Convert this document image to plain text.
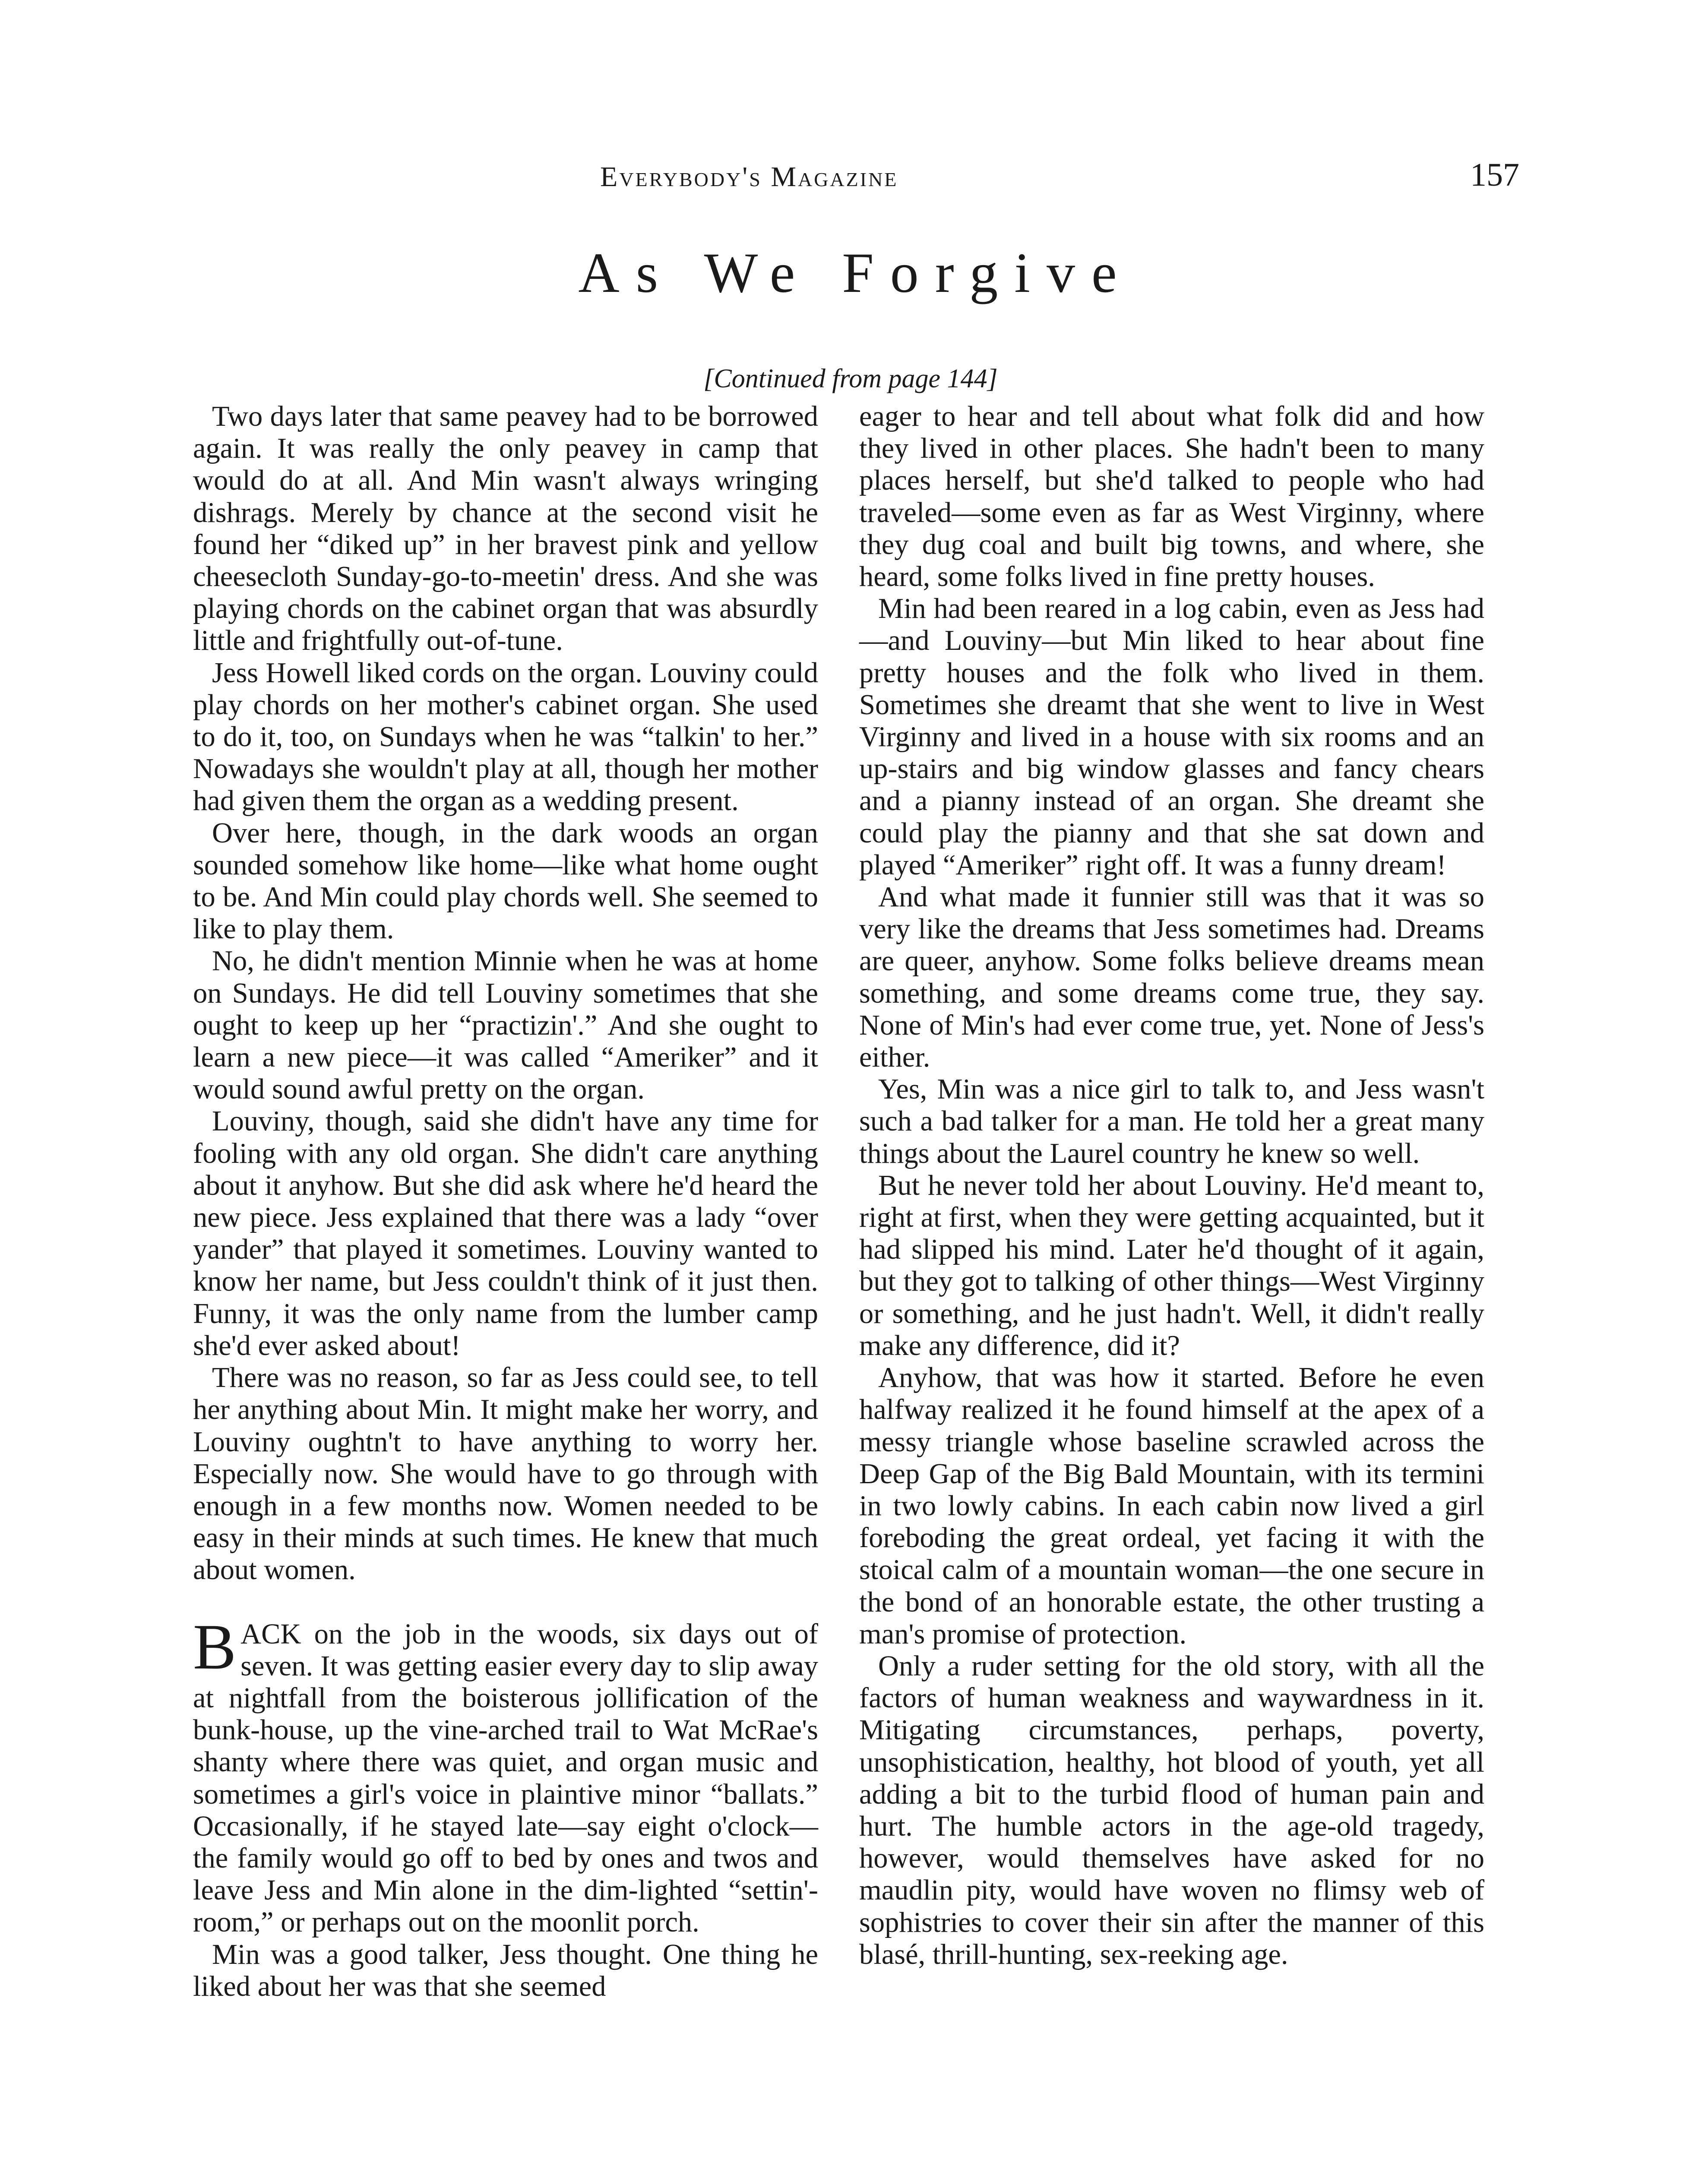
Everybody's Magazine	157
As We Forgive
[Continued from page 144]

Two days later that same peavey had to be borrowed again. It was really the only peavey in camp that would do at all. And Min wasn't always wringing dishrags. Merely by chance at the second visit he found her “diked up” in her bravest pink and yellow cheesecloth Sunday-go-to-meetin' dress. And she was playing chords on the cabinet organ that was absurdly little and frightfully out-of-tune.

Jess Howell liked cords on the organ. Louviny could play chords on her mother's cabinet organ. She used to do it, too, on Sundays when he was “talkin' to her.” Nowadays she wouldn't play at all, though her mother had given them the organ as a wedding present.

Over here, though, in the dark woods an organ sounded somehow like home—like what home ought to be. And Min could play chords well. She seemed to like to play them.

No, he didn't mention Minnie when he was at home on Sundays. He did tell Louviny sometimes that she ought to keep up her “practizin'.” And she ought to learn a new piece—it was called “Ameriker” and it would sound awful pretty on the organ.

Louviny, though, said she didn't have any time for fooling with any old organ. She didn't care anything about it anyhow. But she did ask where he'd heard the new piece. Jess explained that there was a lady “over yander” that played it sometimes. Louviny wanted to know her name, but Jess couldn't think of it just then. Funny, it was the only name from the lumber camp she'd ever asked about!

There was no reason, so far as Jess could see, to tell her anything about Min. It might make her worry, and Louviny oughtn't to have anything to worry her. Especially now. She would have to go through with enough in a few months now. Women needed to be easy in their minds at such times. He knew that much about women.

BACK on the job in the woods, six days out of seven. It was getting easier every day to slip away at nightfall from the boisterous jollification of the bunk-house, up the vine-arched trail to Wat McRae's shanty where there was quiet, and organ music and sometimes a girl's voice in plaintive minor “ballats.” Occasionally, if he stayed late—say eight o'clock—the family would go off to bed by ones and twos and leave Jess and Min alone in the dim-lighted “settin'-room,” or perhaps out on the moonlit porch.

Min was a good talker, Jess thought. One thing he liked about her was that she seemed

eager to hear and tell about what folk did and how they lived in other places. She hadn't been to many places herself, but she'd talked to people who had traveled—some even as far as West Virginny, where they dug coal and built big towns, and where, she heard, some folks lived in fine pretty houses.

Min had been reared in a log cabin, even as Jess had—and Louviny—but Min liked to hear about fine pretty houses and the folk who lived in them. Sometimes she dreamt that she went to live in West Virginny and lived in a house with six rooms and an up-stairs and big window glasses and fancy chears and a pianny instead of an organ. She dreamt she could play the pianny and that she sat down and played “Ameriker” right off. It was a funny dream!

And what made it funnier still was that it was so very like the dreams that Jess sometimes had. Dreams are queer, anyhow. Some folks believe dreams mean something, and some dreams come true, they say. None of Min's had ever come true, yet. None of Jess's either.

Yes, Min was a nice girl to talk to, and Jess wasn't such a bad talker for a man. He told her a great many things about the Laurel country he knew so well.

But he never told her about Louviny. He'd meant to, right at first, when they were getting acquainted, but it had slipped his mind. Later he'd thought of it again, but they got to talking of other things—West Virginny or something, and he just hadn't. Well, it didn't really make any difference, did it?

Anyhow, that was how it started. Before he even halfway realized it he found himself at the apex of a messy triangle whose baseline scrawled across the Deep Gap of the Big Bald Mountain, with its termini in two lowly cabins. In each cabin now lived a girl foreboding the great ordeal, yet facing it with the stoical calm of a mountain woman—the one secure in the bond of an honorable estate, the other trusting a man's promise of protection.

Only a ruder setting for the old story, with all the factors of human weakness and waywardness in it. Mitigating circumstances, perhaps, poverty, unsophistication, healthy, hot blood of youth, yet all adding a bit to the turbid flood of human pain and hurt. The humble actors in the age-old tragedy, however, would themselves have asked for no maudlin pity, would have woven no flimsy web of sophistries to cover their sin after the manner of this blasé, thrill-hunting, sex-reeking age.
